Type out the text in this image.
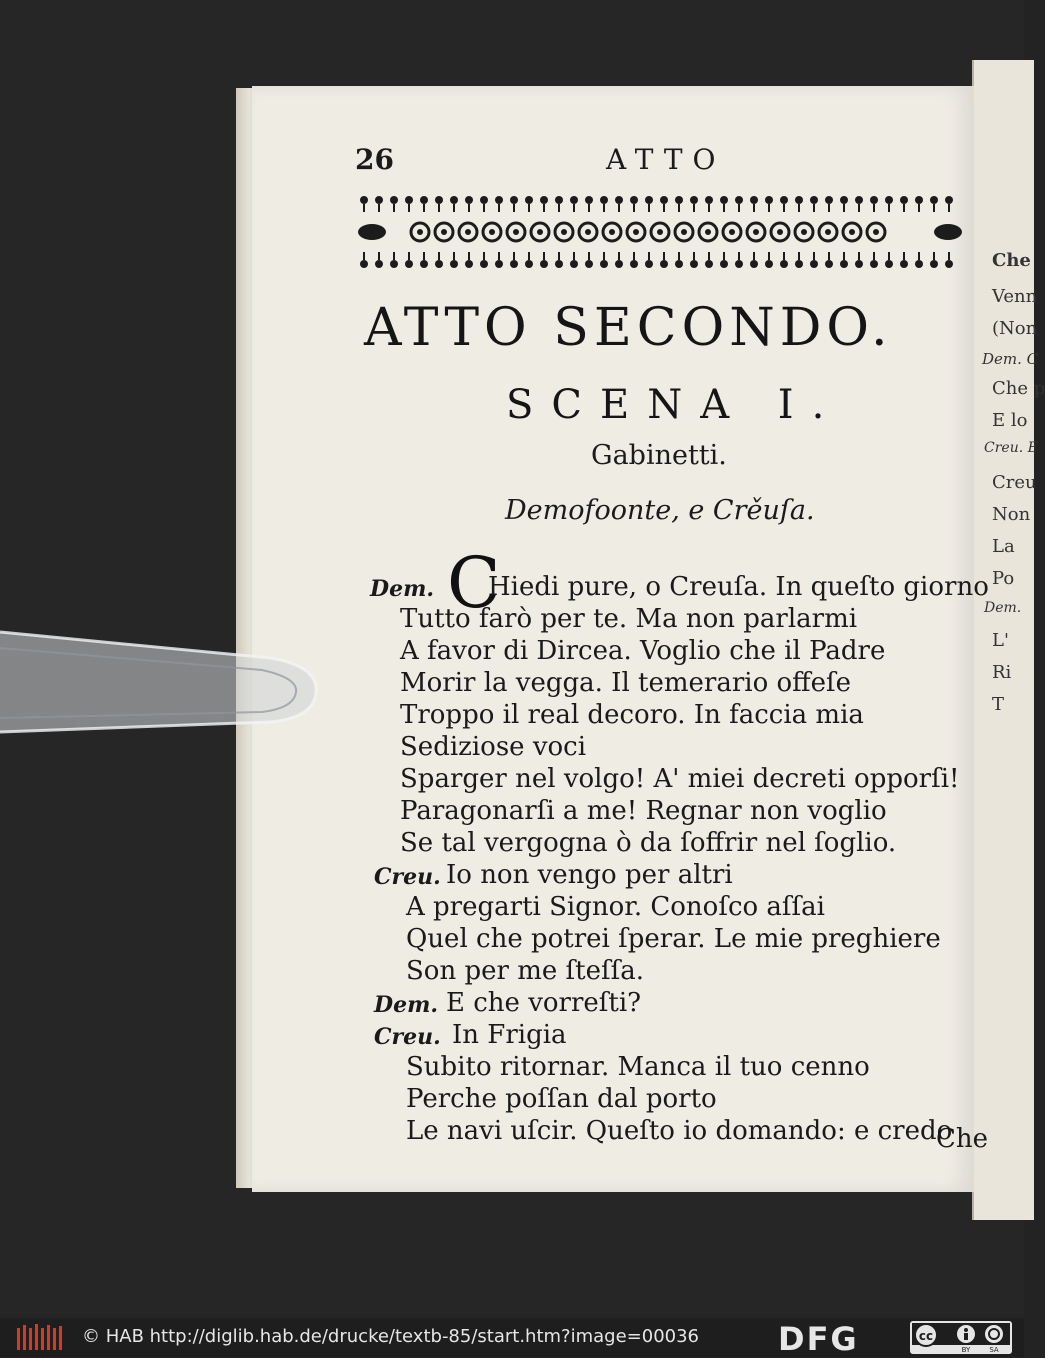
Che
Venn
(Non
Dem. C
Che p
E lo
Creu. E
Creu
Non
La
Po
Dem.
L'
Ri
T
26	ATTO
ATTO SECONDO.
SCENA I.
Gabinetti.
Demofoonte, e Crěuſa.
C
Dem. Hiedi pure, o Creuſa. In queſto giorno
Tutto farò per te. Ma non parlarmi
A favor di Dircea. Voglio che il Padre
Morir la vegga. Il temerario offeſe
Troppo il real decoro. In faccia mia
Sediziose voci
Sparger nel volgo! A' miei decreti opporſi!
Paragonarſi a me! Regnar non voglio
Se tal vergogna ò da ſoffrir nel ſoglio.
Creu. Io non vengo per altri
A pregarti Signor. Conoſco aſſai
Quel che potrei ſperar. Le mie preghiere
Son per me ſteſſa.
Dem. E che vorreſti?
Creu. In Frigia
Subito ritornar. Manca il tuo cenno
Perche poſſan dal porto
Le navi uſcir. Queſto io domando: e credo
Che
© HAB http://diglib.hab.de/drucke/textb-85/start.htm?image=00036 DFG	cc
BY	SA
